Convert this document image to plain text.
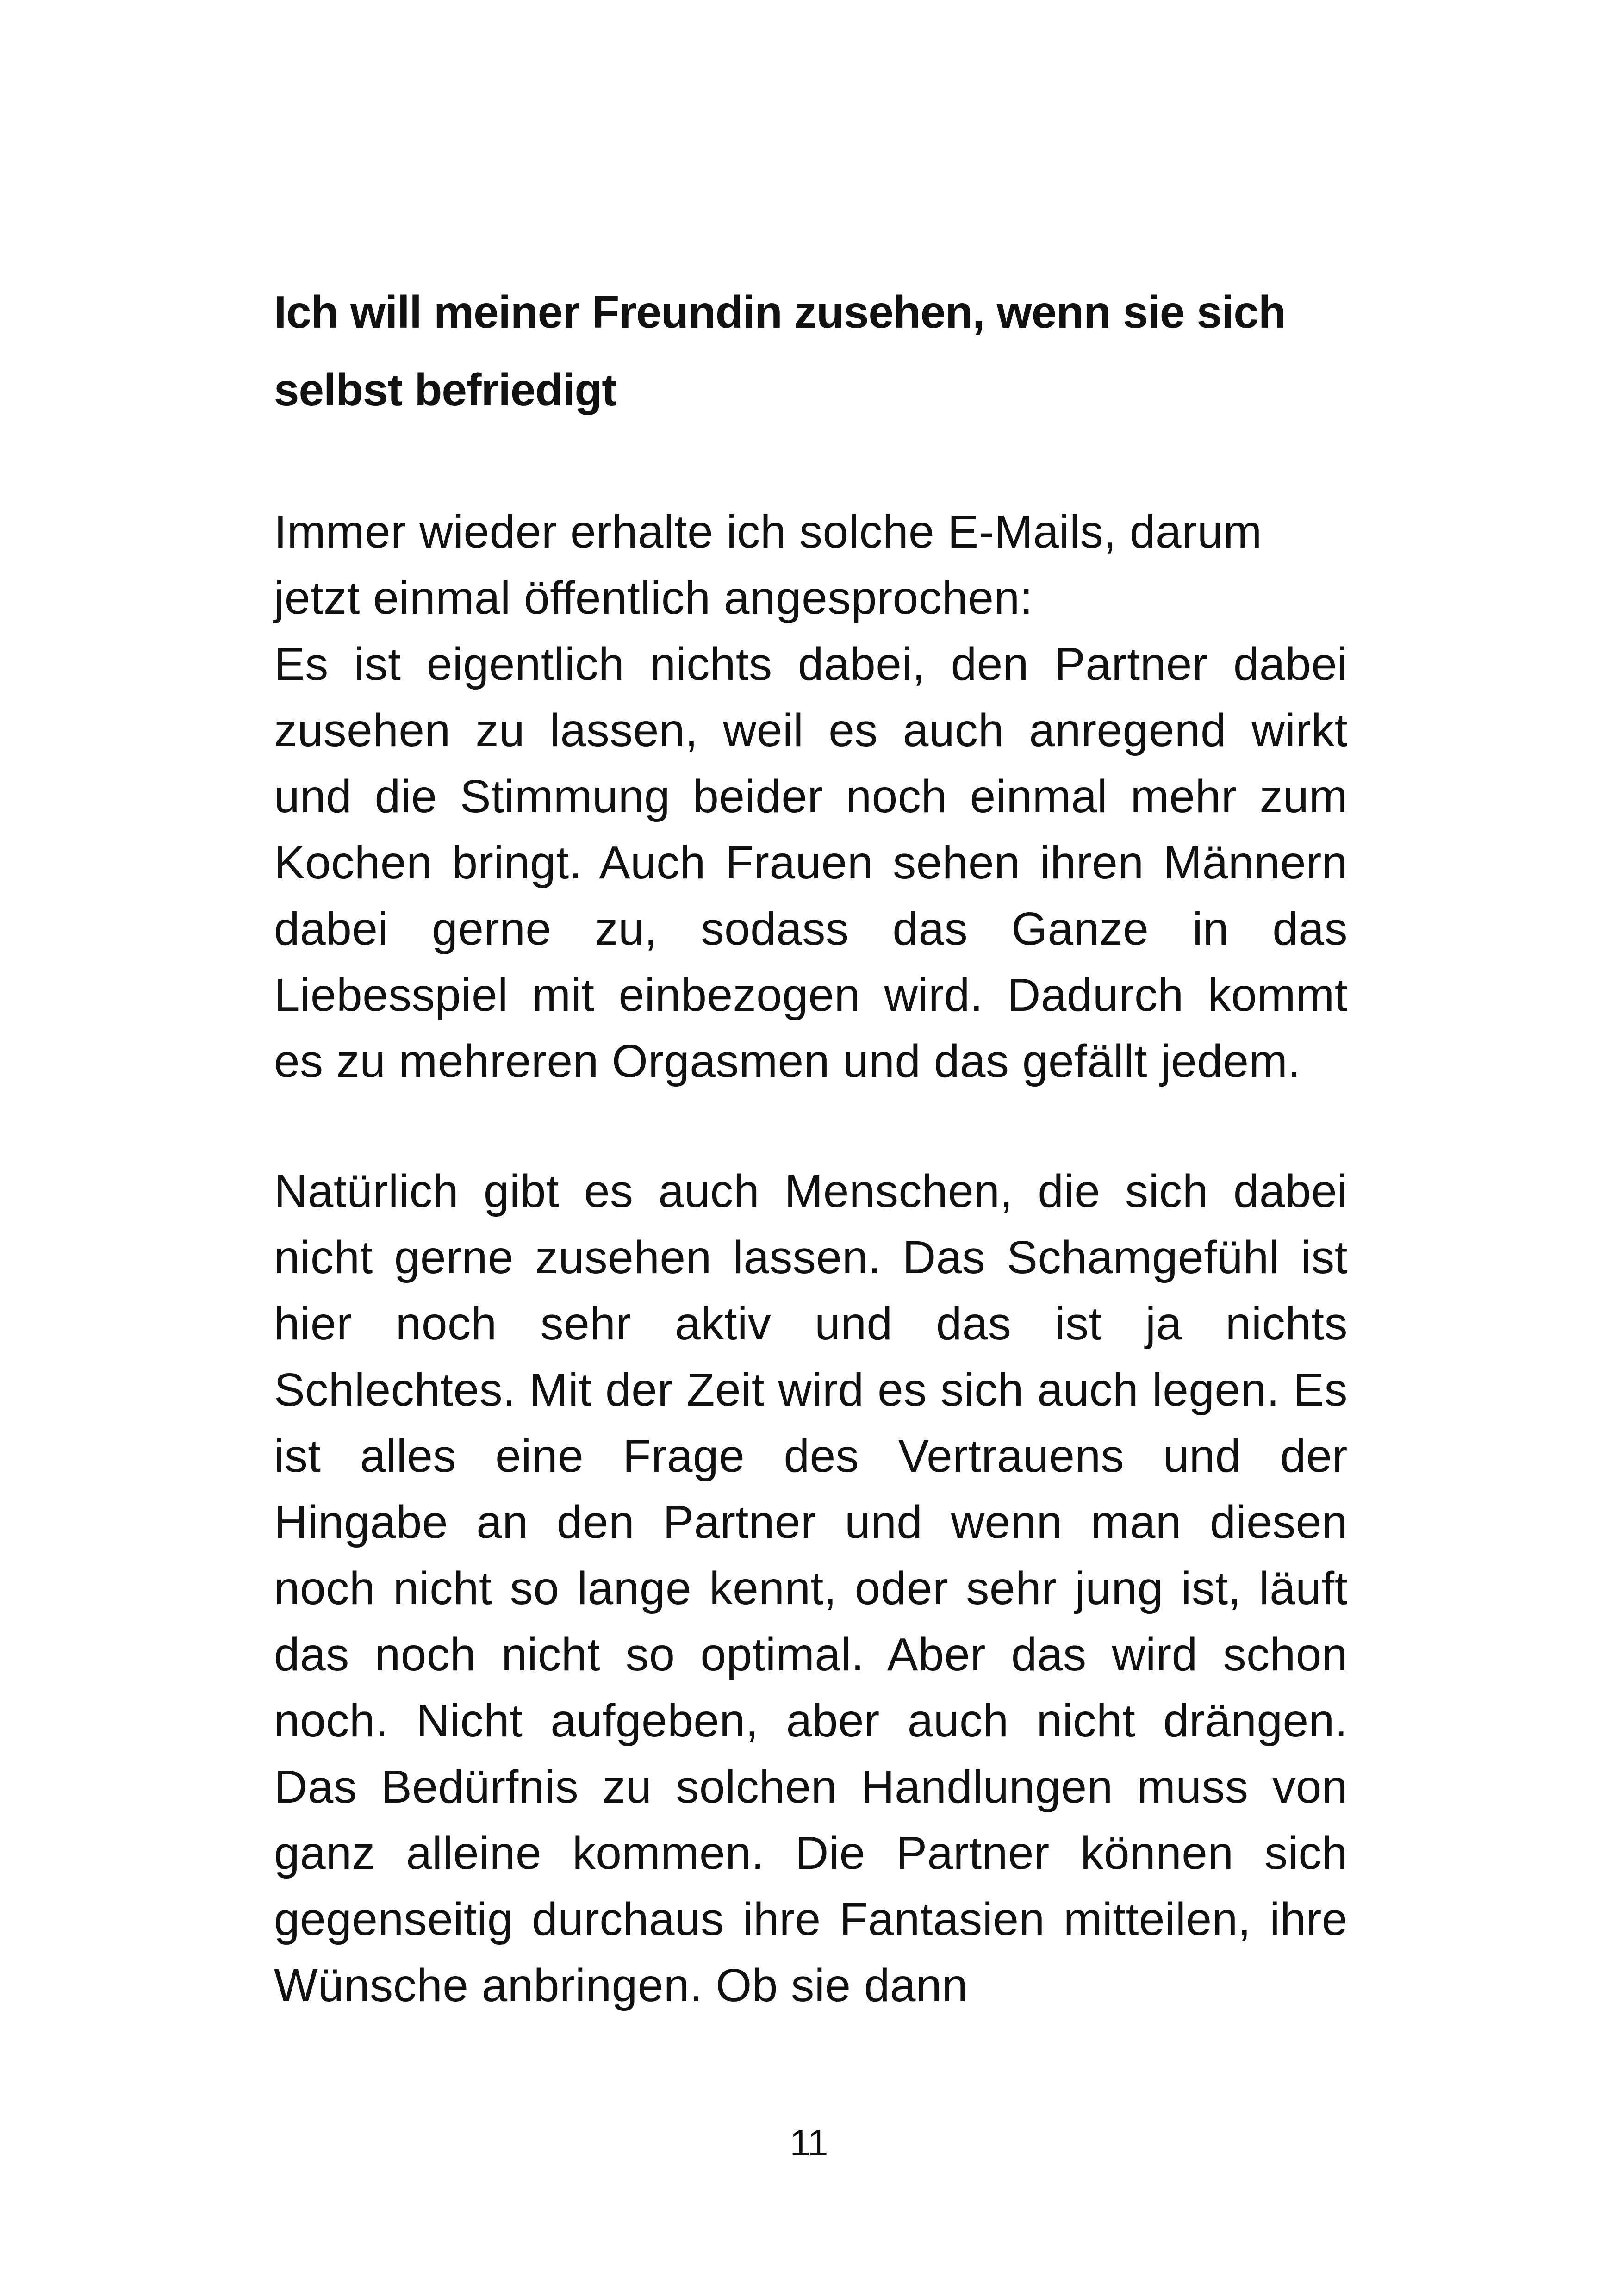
Ich will meiner Freundin zusehen, wenn sie sich
selbst befriedigt

Immer wieder erhalte ich solche E-Mails, darum jetzt einmal öffentlich angesprochen:

Es ist eigentlich nichts dabei, den Partner dabei zusehen zu lassen, weil es auch anregend wirkt und die Stimmung beider noch einmal mehr zum Kochen bringt. Auch Frauen sehen ihren Männern dabei gerne zu, sodass das Ganze in das Liebesspiel mit einbezogen wird. Dadurch kommt es zu mehreren Orgasmen und das gefällt jedem.

Natürlich gibt es auch Menschen, die sich dabei nicht gerne zusehen lassen. Das Schamgefühl ist hier noch sehr aktiv und das ist ja nichts Schlechtes. Mit der Zeit wird es sich auch legen. Es ist alles eine Frage des Vertrauens und der Hingabe an den Partner und wenn man diesen noch nicht so lange kennt, oder sehr jung ist, läuft das noch nicht so optimal. Aber das wird schon noch. Nicht aufgeben, aber auch nicht drängen. Das Bedürfnis zu solchen Handlungen muss von ganz alleine kommen. Die Partner können sich gegenseitig durchaus ihre Fantasien mitteilen, ihre Wünsche anbringen. Ob sie dann

11
